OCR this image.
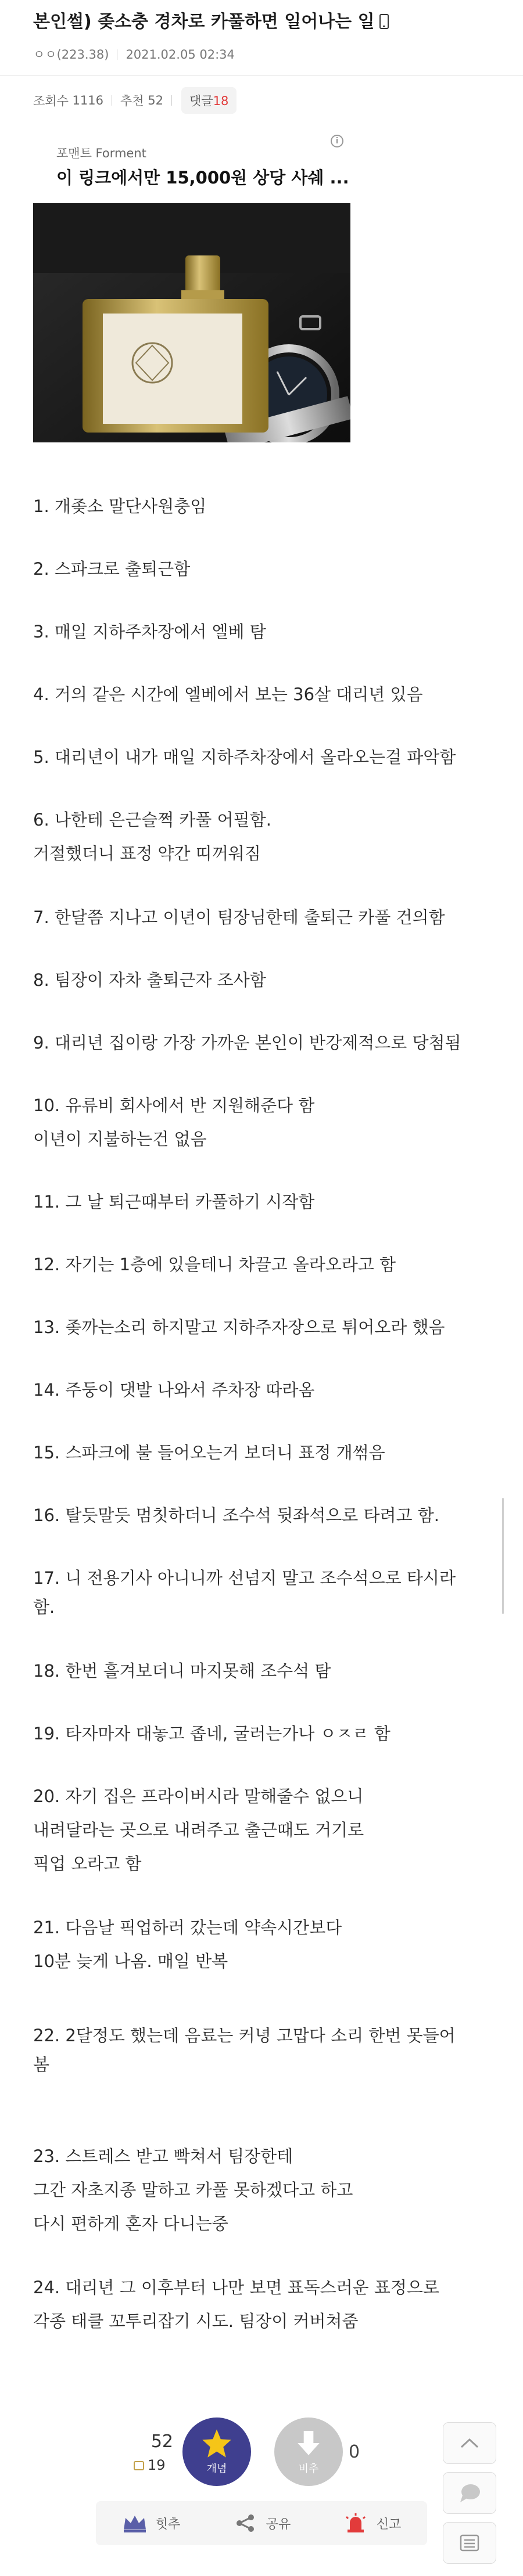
본인썰) 좆소충 경차로 카풀하면 일어나는 일
ㅇㅇ(223.38) 2021.02.05 02:34
조회수
1116 추천
52	댓글18
포맨트 Forment
이 링크에서만 15,000원 상당 사쉐 ...
i
1. 개좆소 말단사원충임
2. 스파크로 출퇴근함
3. 매일 지하주차장에서 엘베 탐
4. 거의 같은 시간에 엘베에서 보는 36살 대리년 있음
5. 대리년이 내가 매일 지하주차장에서 올라오는걸 파악함
6. 나한테 은근슬쩍 카풀 어필함.
거절했더니 표정 약간 띠꺼워짐
7. 한달쯤 지나고 이년이 팀장님한테 출퇴근 카풀 건의함
8. 팀장이 자차 출퇴근자 조사함
9. 대리년 집이랑 가장 가까운 본인이 반강제적으로 당첨됨
10. 유류비 회사에서 반 지원해준다 함
이년이 지불하는건 없음
11. 그 날 퇴근때부터 카풀하기 시작함
12. 자기는 1층에 있을테니 차끌고 올라오라고 함
13. 좆까는소리 하지말고 지하주자장으로 튀어오라 했음
14. 주둥이 댓발 나와서 주차장 따라옴
15. 스파크에 불 들어오는거 보더니 표정 개썪음
16. 탈듯말듯 멈칫하더니 조수석 뒷좌석으로 타려고 함.
17. 니 전용기사 아니니까 선넘지 말고 조수석으로 타시라
함.
18. 한번 흘겨보더니 마지못해 조수석 탐
19. 타자마자 대놓고 좁네, 굴러는가나 ㅇㅈㄹ 함
20. 자기 집은 프라이버시라 말해줄수 없으니
내려달라는 곳으로 내려주고 출근때도 거기로
픽업 오라고 함
21. 다음날 픽업하러 갔는데 약속시간보다
10분 늦게 나옴. 매일 반복
22. 2달정도 했는데 음료는 커녕 고맙다 소리 한번 못들어
봄
23. 스트레스 받고 빡쳐서 팀장한테
그간 자초지종 말하고 카풀 못하겠다고 하고
다시 편하게 혼자 다니는중
24. 대리년 그 이후부터 나만 보면 표독스러운 표정으로
각종 태클 꼬투리잡기 시도. 팀장이 커버쳐줌
52
19	개념	비추
0
힛추	공유	신고
